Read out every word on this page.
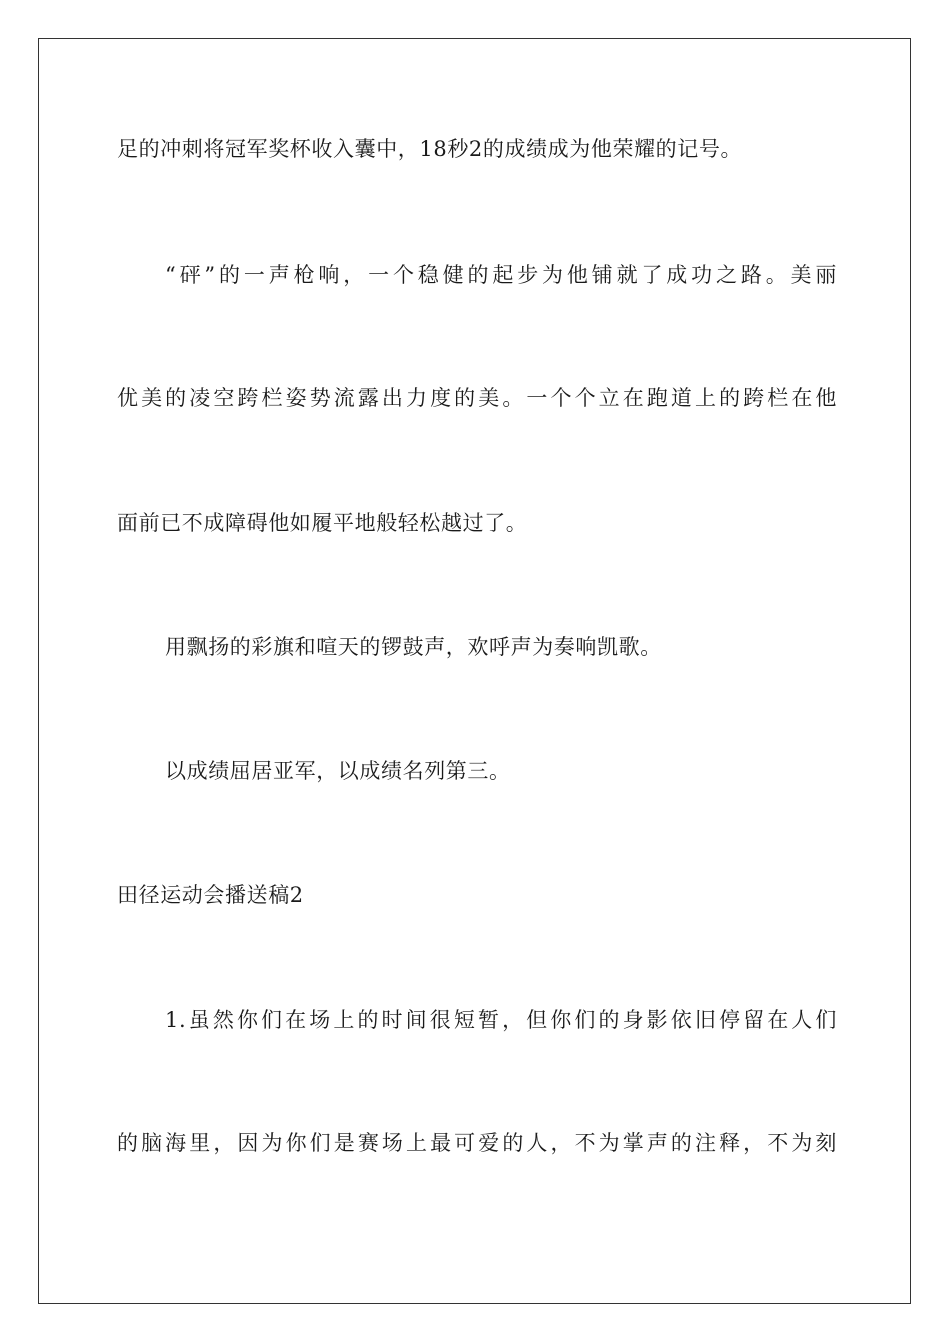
足的冲刺将冠军奖杯收入囊中，18秒2的成绩成为他荣耀的记号。
“砰”的一声枪响，一个稳健的起步为他铺就了成功之路。美丽
优美的凌空跨栏姿势流露出力度的美。一个个立在跑道上的跨栏在他
面前已不成障碍他如履平地般轻松越过了。
用飘扬的彩旗和喧天的锣鼓声，欢呼声为奏响凯歌。
以成绩屈居亚军，以成绩名列第三。
田径运动会播送稿2
1.虽然你们在场上的时间很短暂，但你们的身影依旧停留在人们
的脑海里，因为你们是赛场上最可爱的人，不为掌声的注释，不为刻
